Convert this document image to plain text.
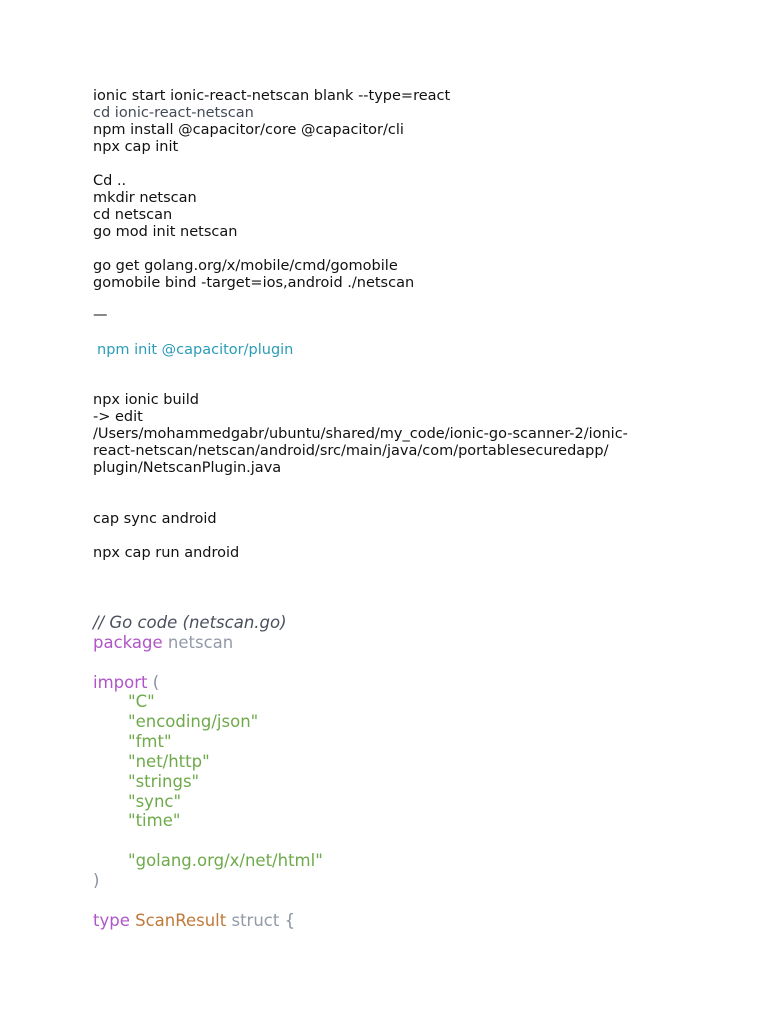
ionic start ionic-react-netscan blank --type=react
cd ionic-react-netscan
npm install @capacitor/core @capacitor/cli
npx cap init
Cd ..
mkdir netscan
cd netscan
go mod init netscan
go get golang.org/x/mobile/cmd/gomobile
gomobile bind -target=ios,android ./netscan
—
npm init @capacitor/plugin
npx ionic build
-> edit
/Users/mohammedgabr/ubuntu/shared/my_code/ionic-go-scanner-2/ionic-
react-netscan/netscan/android/src/main/java/com/portablesecuredapp/
plugin/NetscanPlugin.java
cap sync android
npx cap run android
// Go code (netscan.go)
package netscan
import (
"C"
"encoding/json"
"fmt"
"net/http"
"strings"
"sync"
"time"
"golang.org/x/net/html"
)
type ScanResult struct {
